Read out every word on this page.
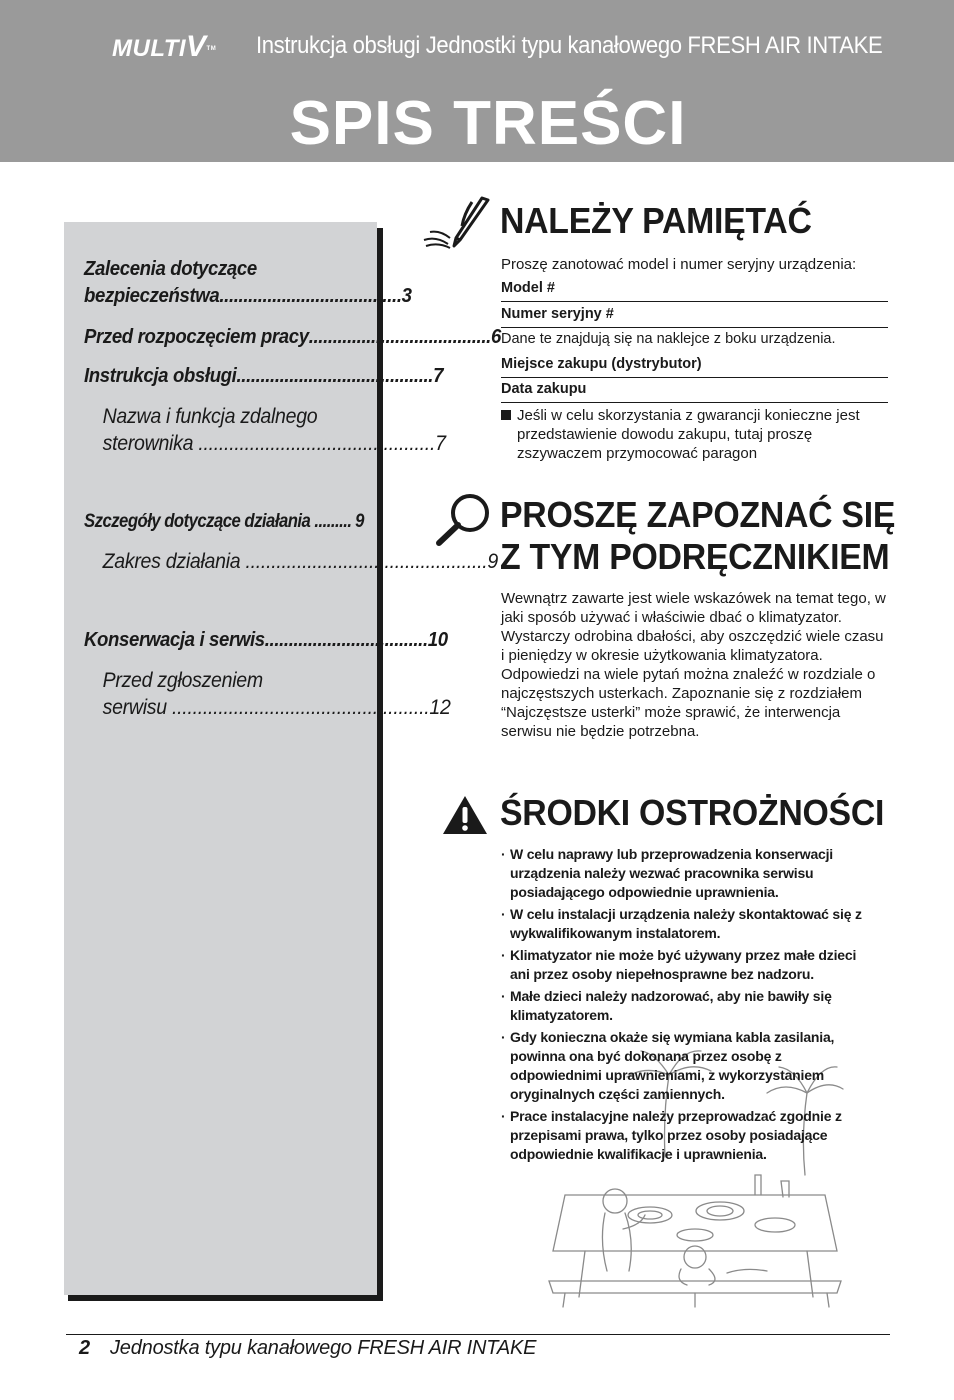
MULTIVTM Instrukcja obsługi Jednostki typu kanałowego FRESH AIR INTAKE
SPIS TREŚCI
Zalecenia dotyczące
bezpieczeństwa ...................................... 3
Przed rozpoczęciem pracy ...................................... 6
Instrukcja obsługi ......................................... 7
Nazwa i funkcja zdalnego
sterownika .............................................. 7
Szczegóły dotyczące działania ......... 9
Zakres działania ............................................... 9
Konserwacja i serwis .................................. 10
Przed zgłoszeniem
serwisu .................................................. 12
NALEŻY PAMIĘTAĆ
Proszę zanotować model i numer seryjny urządzenia:
Model #
Numer seryjny #
Dane te znajdują się na naklejce z boku urządzenia.
Miejsce zakupu (dystrybutor)
Data zakupu
Jeśli w celu skorzystania z gwarancji konieczne jest przedstawienie dowodu zakupu, tutaj proszę zszywaczem przymocować paragon
PROSZĘ ZAPOZNAĆ SIĘ
Z TYM PODRĘCZNIKIEM
Wewnątrz zawarte jest wiele wskazówek na temat tego, w jaki sposób używać i właściwie dbać o klimatyzator. Wystarczy odrobina dbałości, aby oszczędzić wiele czasu i pieniędzy w okresie użytkowania klimatyzatora. Odpowiedzi na wiele pytań można znaleźć w rozdziale o najczęstszych usterkach. Zapoznanie się z rozdziałem “Najczęstsze usterki” może sprawić, że interwencja serwisu nie będzie potrzebna.
ŚRODKI OSTROŻNOŚCI
· W celu naprawy lub przeprowadzenia konserwacji urządzenia należy wezwać pracownika serwisu posiadającego odpowiednie uprawnienia.
· W celu instalacji urządzenia należy skontaktować się z wykwalifikowanym instalatorem.
· Klimatyzator nie może być używany przez małe dzieci ani przez osoby niepełnosprawne bez nadzoru.
· Małe dzieci należy nadzorować, aby nie bawiły się klimatyzatorem.
· Gdy konieczna okaże się wymiana kabla zasilania, powinna ona być dokonana przez osobę z odpowiednimi uprawnieniami, z wykorzystaniem oryginalnych części zamiennych.
· Prace instalacyjne należy przeprowadzać zgodnie z przepisami prawa, tylko przez osoby posiadające odpowiednie kwalifikacje i uprawnienia.
2 Jednostka typu kanałowego FRESH AIR INTAKE
